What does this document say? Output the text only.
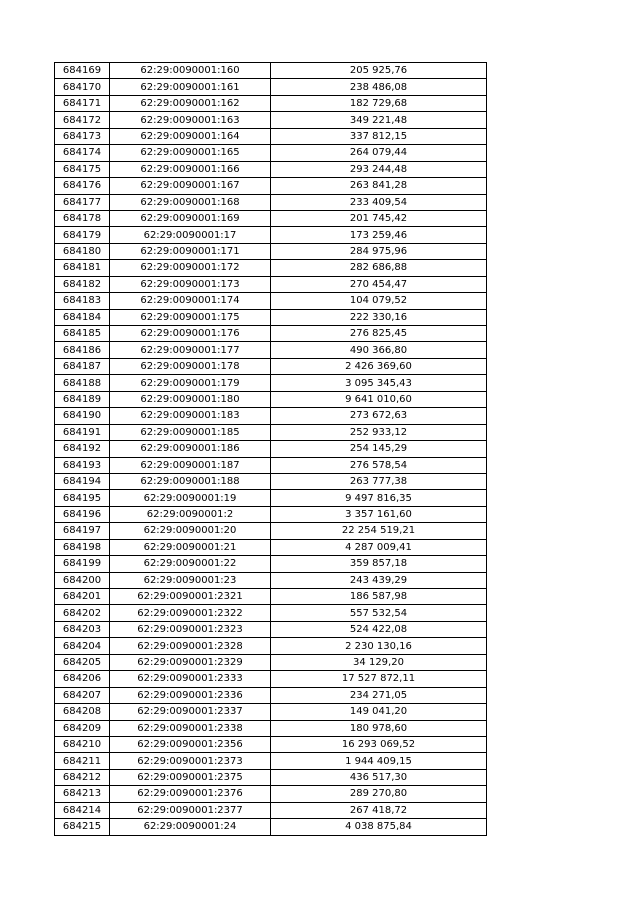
684169	62:29:0090001:160	205 925,76
684170	62:29:0090001:161	238 486,08
684171	62:29:0090001:162	182 729,68
684172	62:29:0090001:163	349 221,48
684173	62:29:0090001:164	337 812,15
684174	62:29:0090001:165	264 079,44
684175	62:29:0090001:166	293 244,48
684176	62:29:0090001:167	263 841,28
684177	62:29:0090001:168	233 409,54
684178	62:29:0090001:169	201 745,42
684179	62:29:0090001:17	173 259,46
684180	62:29:0090001:171	284 975,96
684181	62:29:0090001:172	282 686,88
684182	62:29:0090001:173	270 454,47
684183	62:29:0090001:174	104 079,52
684184	62:29:0090001:175	222 330,16
684185	62:29:0090001:176	276 825,45
684186	62:29:0090001:177	490 366,80
684187	62:29:0090001:178	2 426 369,60
684188	62:29:0090001:179	3 095 345,43
684189	62:29:0090001:180	9 641 010,60
684190	62:29:0090001:183	273 672,63
684191	62:29:0090001:185	252 933,12
684192	62:29:0090001:186	254 145,29
684193	62:29:0090001:187	276 578,54
684194	62:29:0090001:188	263 777,38
684195	62:29:0090001:19	9 497 816,35
684196	62:29:0090001:2	3 357 161,60
684197	62:29:0090001:20	22 254 519,21
684198	62:29:0090001:21	4 287 009,41
684199	62:29:0090001:22	359 857,18
684200	62:29:0090001:23	243 439,29
684201	62:29:0090001:2321	186 587,98
684202	62:29:0090001:2322	557 532,54
684203	62:29:0090001:2323	524 422,08
684204	62:29:0090001:2328	2 230 130,16
684205	62:29:0090001:2329	34 129,20
684206	62:29:0090001:2333	17 527 872,11
684207	62:29:0090001:2336	234 271,05
684208	62:29:0090001:2337	149 041,20
684209	62:29:0090001:2338	180 978,60
684210	62:29:0090001:2356	16 293 069,52
684211	62:29:0090001:2373	1 944 409,15
684212	62:29:0090001:2375	436 517,30
684213	62:29:0090001:2376	289 270,80
684214	62:29:0090001:2377	267 418,72
684215	62:29:0090001:24	4 038 875,84
